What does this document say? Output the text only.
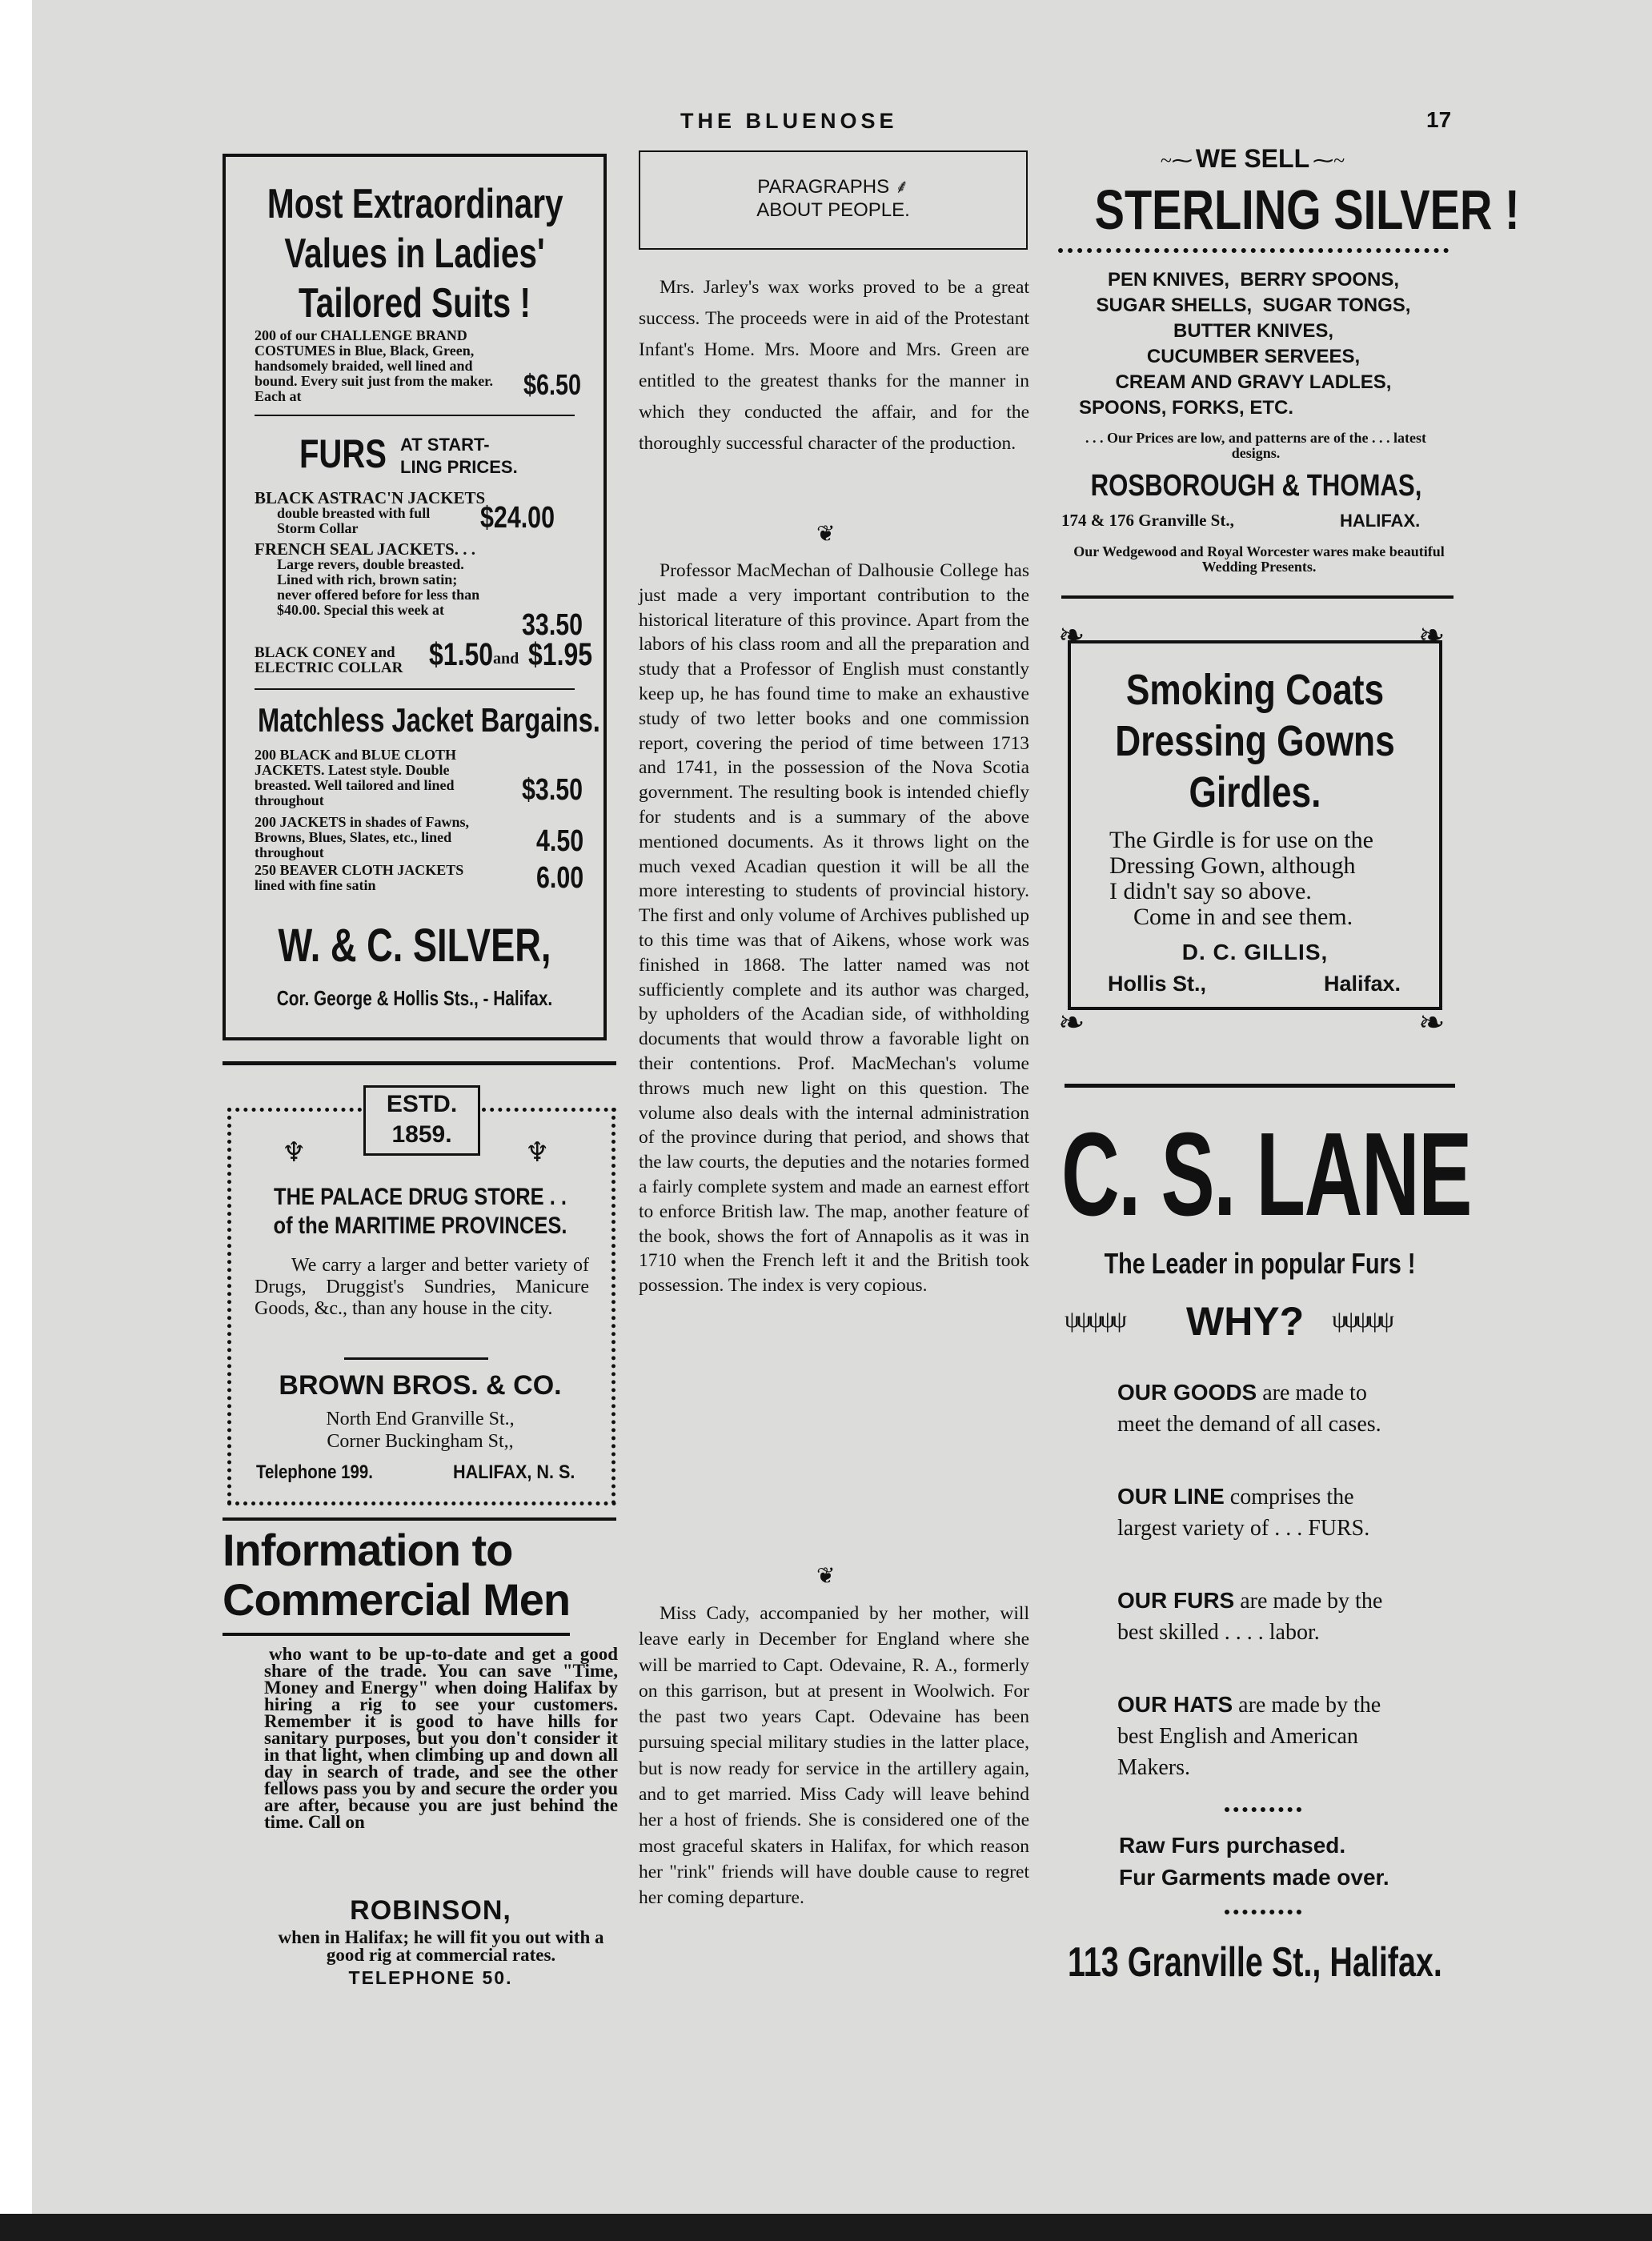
THE BLUENOSE	17
Most Extraordinary
Values in Ladies'
Tailored Suits !
200 of our CHALLENGE BRAND COSTUMES in Blue, Black, Green, handsomely braided, well lined and bound. Every suit just from the maker. Each at	$6.50
FURS AT START-LING PRICES.
BLACK ASTRAC'N JACKETS
double breasted with full Storm Collar	$24.00
FRENCH SEAL JACKETS. . .
Large revers, double breasted. Lined with rich, brown satin; never offered before for less than $40.00. Special this week at	33.50
BLACK CONEY and ELECTRIC COLLAR $1.50 and $1.95
Matchless Jacket Bargains.
200 BLACK and BLUE CLOTH JACKETS. Latest style. Double breasted. Well tailored and lined throughout	$3.50
200 JACKETS in shades of Fawns, Browns, Blues, Slates, etc., lined throughout	4.50
250 BEAVER CLOTH JACKETS lined with fine satin	6.00
W. & C. SILVER,
Cor. George & Hollis Sts., - Halifax.
ESTD.
1859.
♆	♆
THE PALACE DRUG STORE . .
of the MARITIME PROVINCES.
We carry a larger and better variety of Drugs, Druggist's Sundries, Manicure Goods, &c., than any house in the city.
BROWN BROS. & CO.
North End Granville St.,
Corner Buckingham St,,
Telephone 199.	HALIFAX, N. S.
Information to
Commercial Men
who want to be up-to-date and get a good share of the trade. You can save "Time, Money and Energy" when doing Halifax by hiring a rig to see your customers. Remember it is good to have hills for sanitary purposes, but you don't consider it in that light, when climbing up and down all day in search of trade, and see the other fellows pass you by and secure the order you are after, because you are just behind the time. Call on
ROBINSON,
when in Halifax; he will fit you out with a good rig at commercial rates.
TELEPHONE 50.
PARAGRAPHS ⸙
ABOUT PEOPLE.
Mrs. Jarley's wax works proved to be a great success. The proceeds were in aid of the Protestant Infant's Home. Mrs. Moore and Mrs. Green are entitled to the greatest thanks for the manner in which they conducted the affair, and for the thoroughly successful character of the production.
❦
Professor MacMechan of Dalhousie College has just made a very important contribution to the historical literature of this province. Apart from the labors of his class room and all the preparation and study that a Professor of English must constantly keep up, he has found time to make an exhaustive study of two letter books and one commission report, covering the period of time between 1713 and 1741, in the possession of the Nova Scotia government. The resulting book is intended chiefly for students and is a summary of the above mentioned documents. As it throws light on the much vexed Acadian question it will be all the more interesting to students of provincial history. The first and only volume of Archives published up to this time was that of Aikens, whose work was finished in 1868. The latter named was not sufficiently complete and its author was charged, by upholders of the Acadian side, of withholding documents that would throw a favorable light on their contentions. Prof. MacMechan's volume throws much new light on this question. The volume also deals with the internal administration of the province during that period, and shows that the law courts, the deputies and the notaries formed a fairly complete system and made an earnest effort to enforce British law. The map, another feature of the book, shows the fort of Annapolis as it was in 1710 when the French left it and the British took possession. The index is very copious.
❦
Miss Cady, accompanied by her mother, will leave early in December for England where she will be married to Capt. Odevaine, R. A., formerly on this garrison, but at present in Woolwich. For the past two years Capt. Odevaine has been pursuing special military studies in the latter place, but is now ready for service in the artillery again, and to get married. Miss Cady will leave behind her a host of friends. She is considered one of the most graceful skaters in Halifax, for which reason her "rink" friends will have double cause to regret her coming departure.
~⁓ WE SELL ⁓~
STERLING SILVER !
PEN KNIVES,  BERRY SPOONS,
SUGAR SHELLS,  SUGAR TONGS,
BUTTER KNIVES,
CUCUMBER SERVEES,
CREAM AND GRAVY LADLES,
SPOONS, FORKS, ETC.
. . . Our Prices are low, and patterns are of the . . . latest designs.
ROSBOROUGH & THOMAS,
174 & 176 Granville St.,	HALIFAX.
Our Wedgewood and Royal Worcester wares make beautiful Wedding Presents.
Smoking Coats
Dressing Gowns
Girdles.
The Girdle is for use on the
Dressing Gown, although
I didn't say so above.
Come in and see them.
D. C. GILLIS,
Hollis St.,	Halifax.
❧	❧
❧	❧
C. S. LANE
The Leader in popular Furs !
ψψψψψ WHY? ψψψψψ
OUR GOODS are made to meet the demand of all cases.
OUR LINE comprises the largest variety of . . . FURS.
OUR FURS are made by the best skilled . . . . labor.
OUR HATS are made by the best English and American Makers.
Raw Furs purchased.
Fur Garments made over.
113 Granville St., Halifax.
